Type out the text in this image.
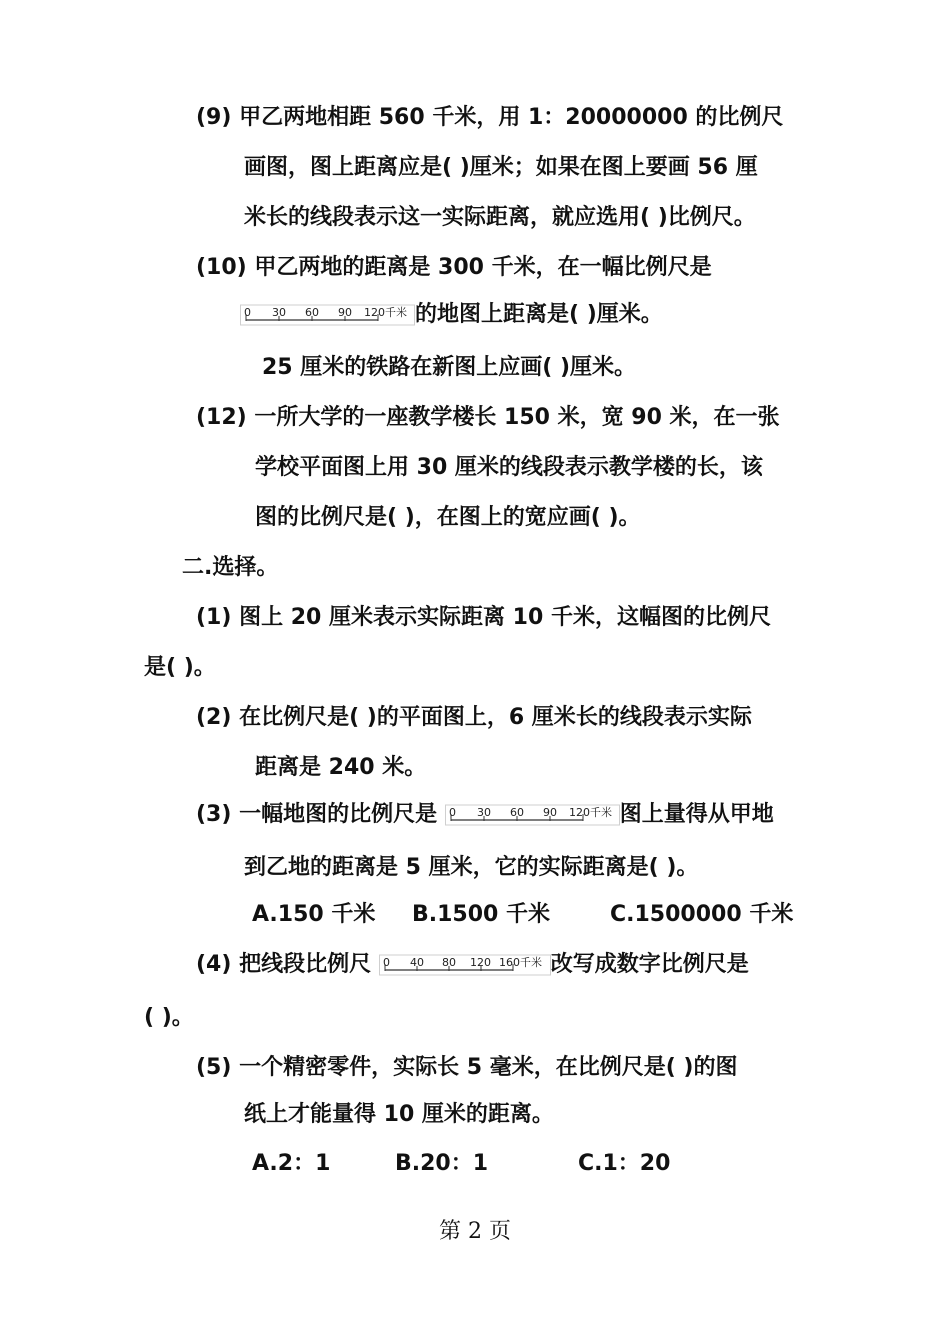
(9) 甲乙两地相距 560 千米，用 1：20000000 的比例尺
画图，图上距离应是( )厘米；如果在图上要画 56 厘
米长的线段表示这一实际距离，就应选用( )比例尺。
(10) 甲乙两地的距离是 300 千米，在一幅比例尺是
0 30 60 90 120千米 的地图上距离是( )厘米。
25 厘米的铁路在新图上应画( )厘米。
(12) 一所大学的一座教学楼长 150 米，宽 90 米，在一张
学校平面图上用 30 厘米的线段表示教学楼的长，该
图的比例尺是( )，在图上的宽应画( )。
二.选择。
(1) 图上 20 厘米表示实际距离 10 千米，这幅图的比例尺
是( )。
(2) 在比例尺是( )的平面图上，6 厘米长的线段表示实际
距离是 240 米。
(3) 一幅地图的比例尺是 0 30 60 90 120千米 图上量得从甲地
到乙地的距离是 5 厘米，它的实际距离是( )。
A.150 千米 B.1500 千米	C.1500000 千米
(4) 把线段比例尺 0 40 80 120 160千米 改写成数字比例尺是
( )。
(5) 一个精密零件，实际长 5 毫米，在比例尺是( )的图
纸上才能量得 10 厘米的距离。
A.2：1	B.20：1	C.1：20
第 2 页
